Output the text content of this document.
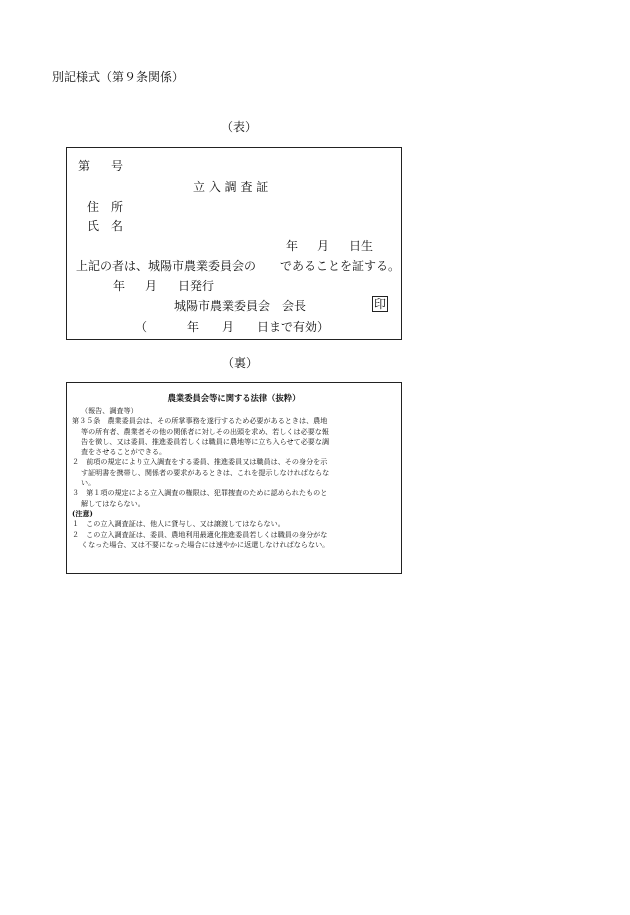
別記様式（第９条関係）
（表）
第 号
立 入 調 査 証
住　所
氏　名
年 月 日生
上記の者は、城陽市農業委員会の　　であることを証する。
年 月 日発行
城陽市農業委員会　会長	印
（	年 月 日まで有効）
（裏）
農業委員会等に関する法律（抜粋）
（報告、調査等）
第３５条　農業委員会は、その所掌事務を遂行するため必要があるときは、農地
等の所有者、農業者その他の関係者に対しその出頭を求め、若しくは必要な報
告を徴し、又は委員、推進委員若しくは職員に農地等に立ち入らせて必要な調
査をさせることができる。
２　前項の規定により立入調査をする委員、推進委員又は職員は、その身分を示
す証明書を携帯し、関係者の要求があるときは、これを提示しなければならな
い。
３　第１項の規定による立入調査の権限は、犯罪捜査のために認められたものと
解してはならない。
(注意)
１　この立入調査証は、他人に貸与し、又は譲渡してはならない。
２　この立入調査証は、委員、農地利用最適化推進委員若しくは職員の身分がな
くなった場合、又は不要になった場合には速やかに返還しなければならない。
